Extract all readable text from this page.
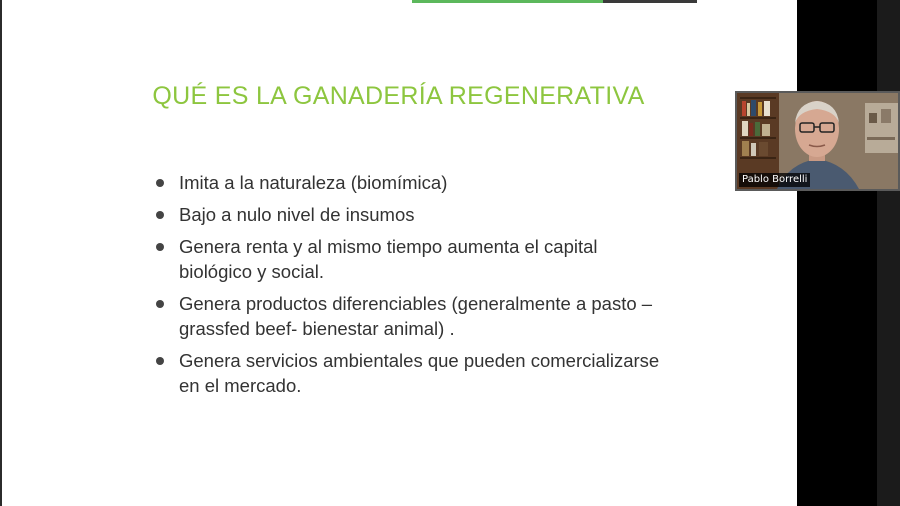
QUÉ ES LA GANADERÍA REGENERATIVA
Imita a la naturaleza (biomímica)
Bajo a nulo nivel de insumos
Genera renta y al mismo tiempo aumenta el capital biológico y social.
Genera productos diferenciables (generalmente a pasto – grassfed beef- bienestar animal) .
Genera servicios ambientales que pueden comercializarse en el mercado.
Pablo Borrelli
